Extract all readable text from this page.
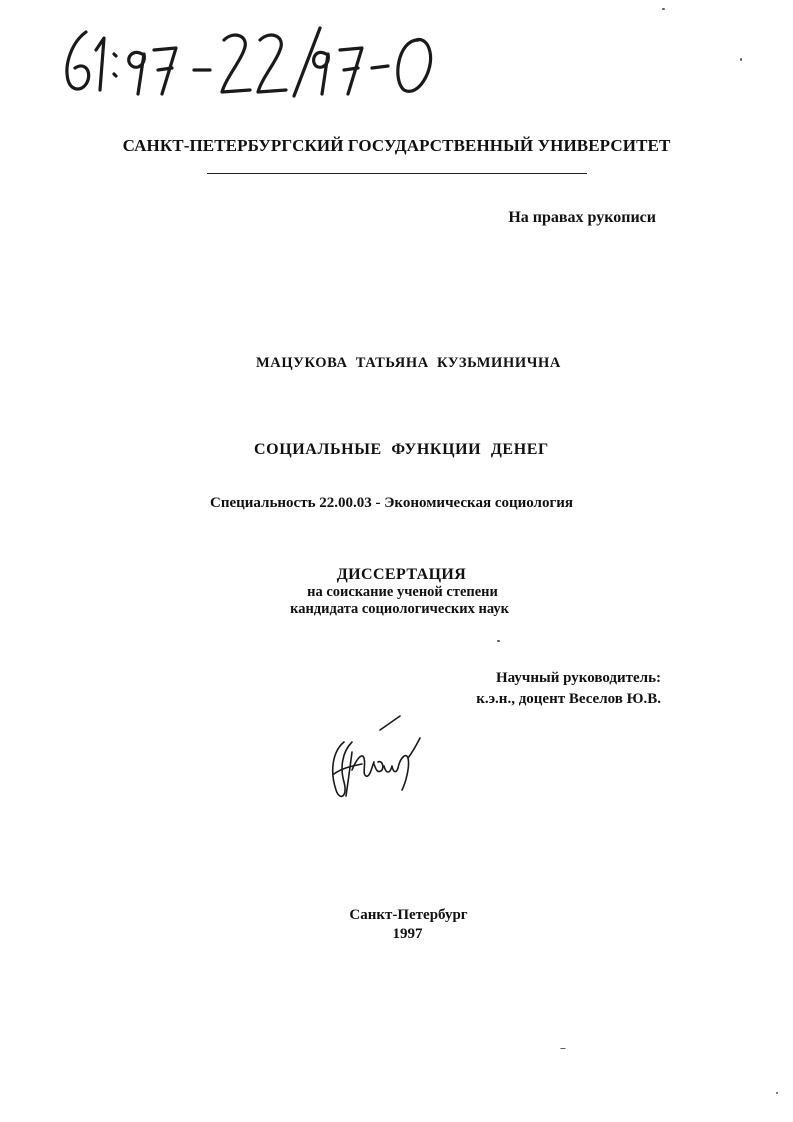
САНКТ-ПЕТЕРБУРГСКИЙ ГОСУДАРСТВЕННЫЙ УНИВЕРСИТЕТ
На правах рукописи
МАЦУКОВА ТАТЬЯНА КУЗЬМИНИЧНА
СОЦИАЛЬНЫЕ ФУНКЦИИ ДЕНЕГ
Специальность 22.00.03 - Экономическая социология
ДИССЕРТАЦИЯ
на соискание ученой степени
кандидата социологических наук
Научный руководитель:
к.э.н., доцент Веселов Ю.В.
Санкт-Петербург
1997
